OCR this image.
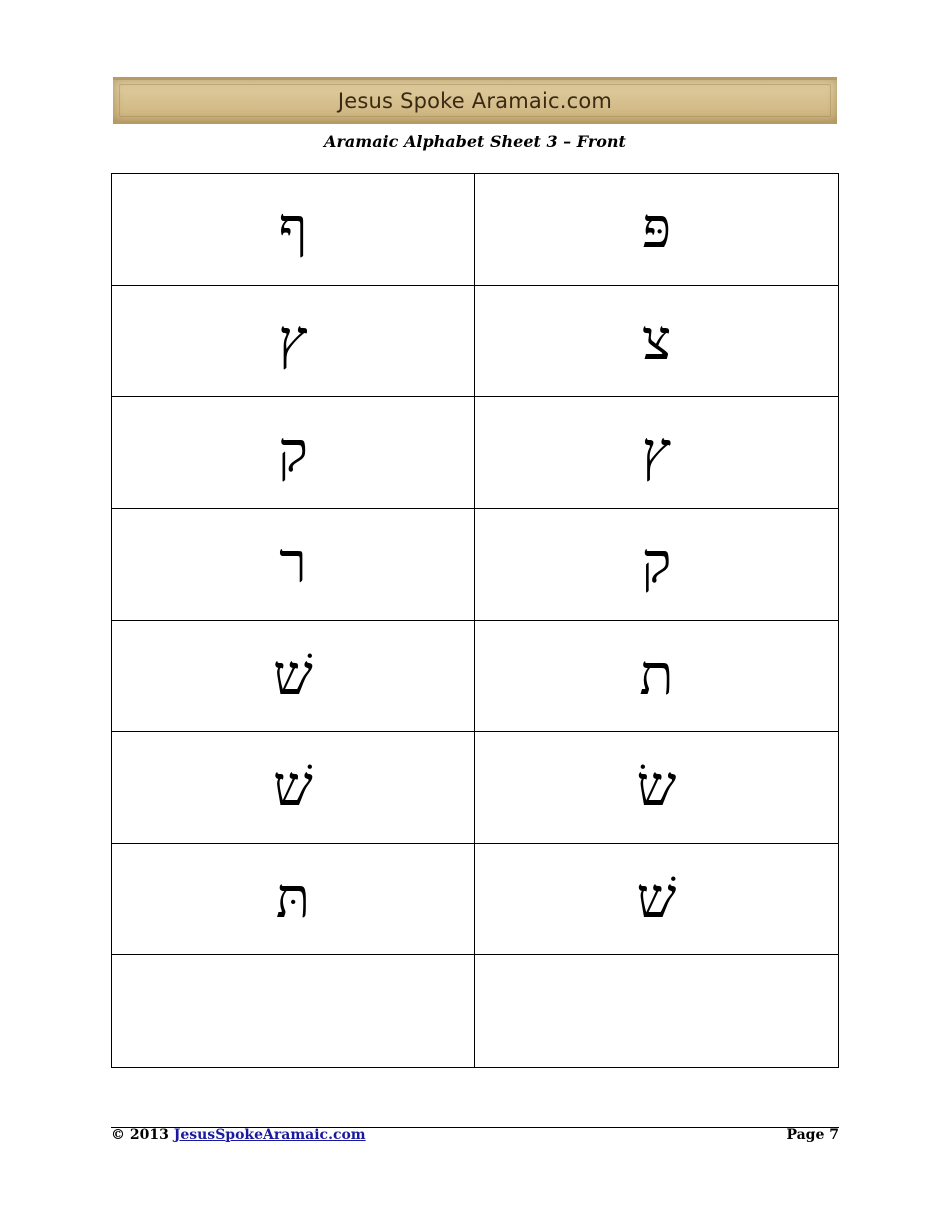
Jesus Spoke Aramaic.com
Aramaic Alphabet Sheet 3 – Front
ף	פּ
ץ	צ
ק	ץ
ר	ק
שׁ	ת
שׁ	שׂ
תּ	שׁ
© 2013 JesusSpokeAramaic.com	Page 7
